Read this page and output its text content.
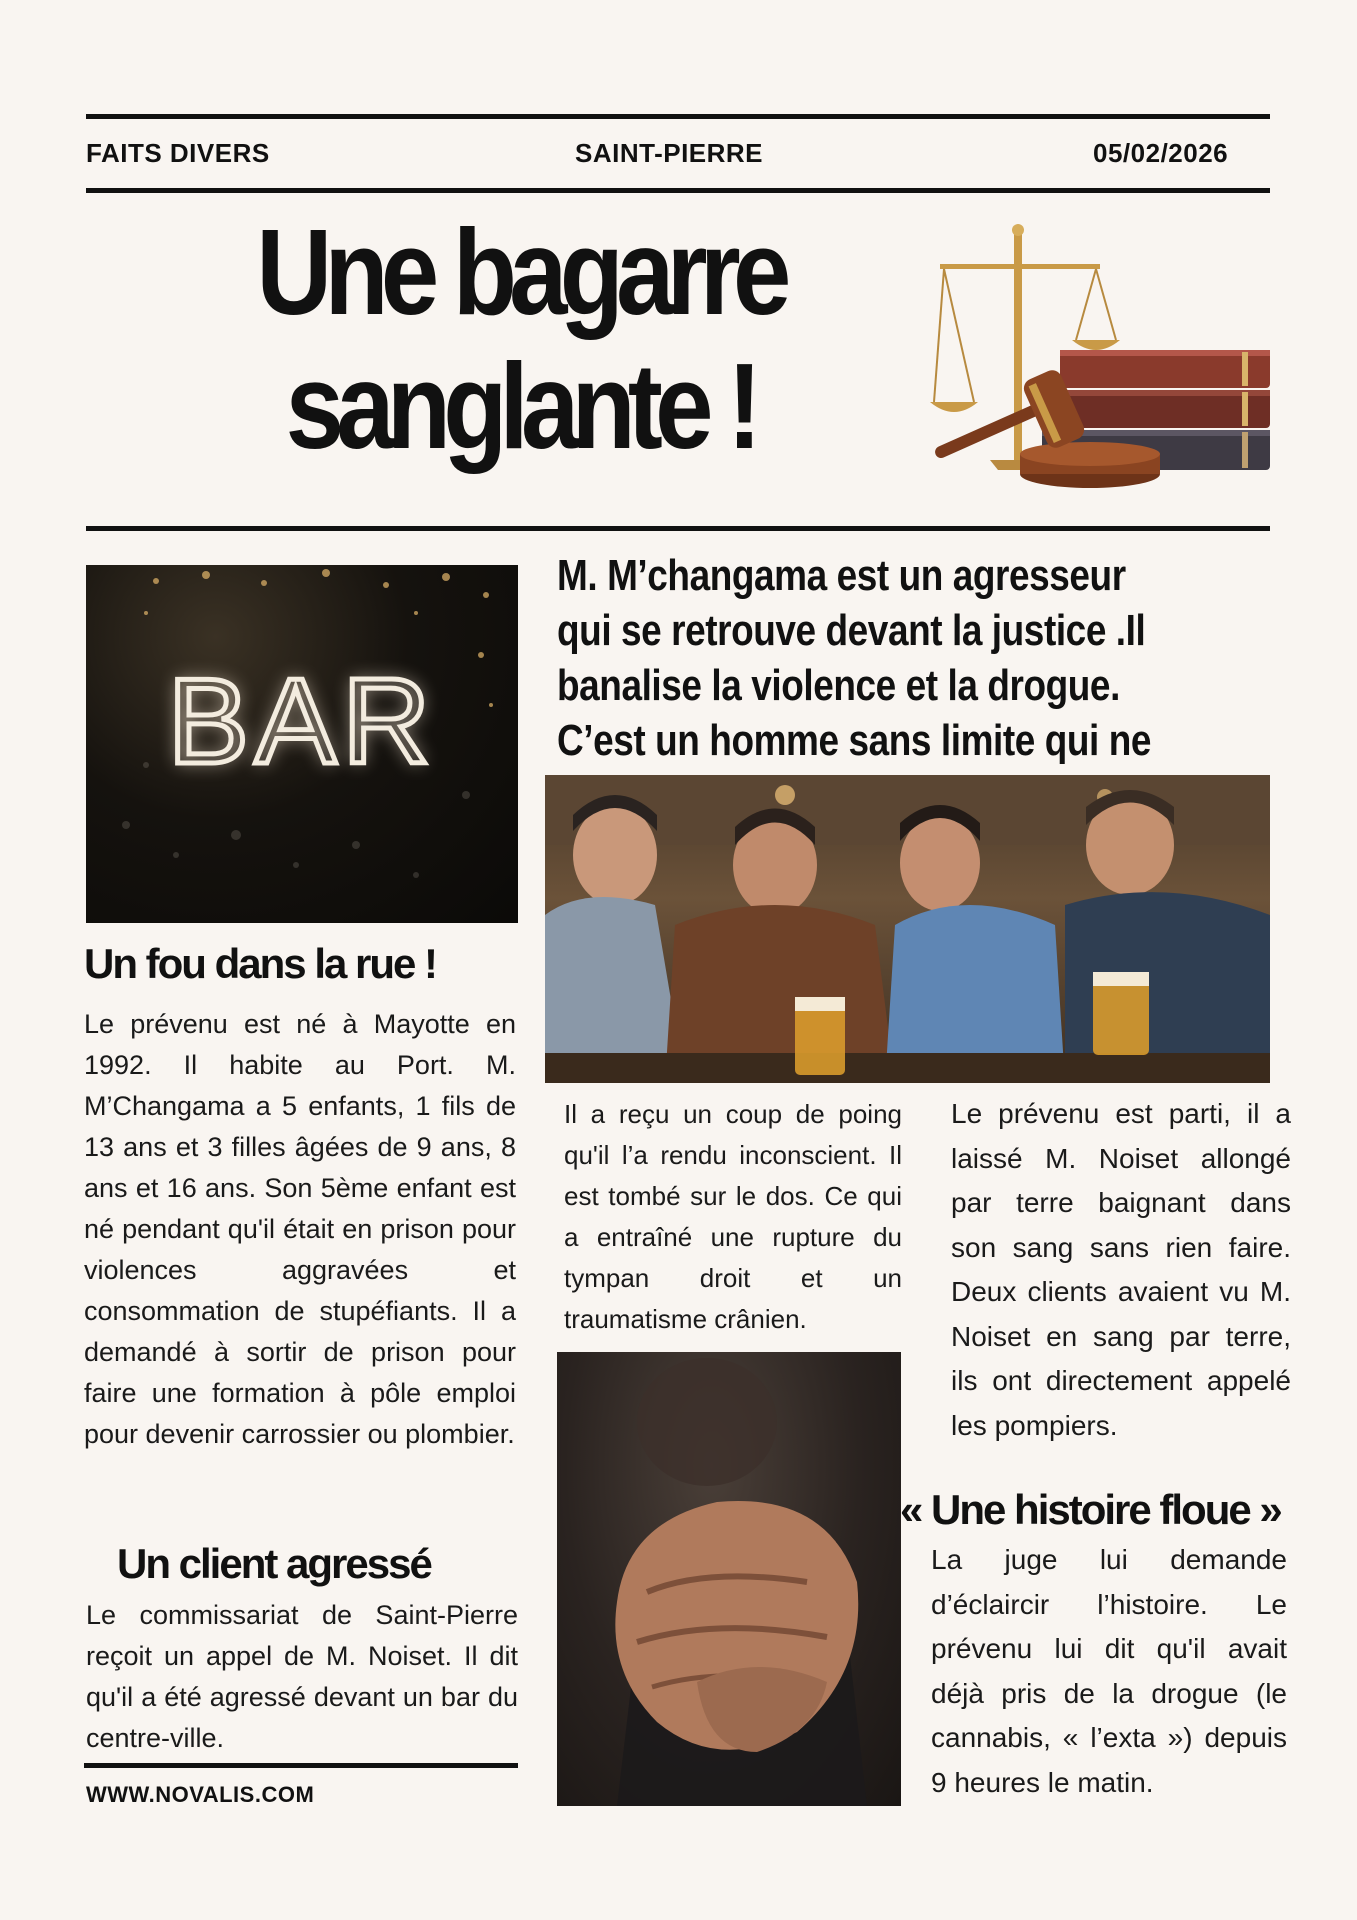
FAITS DIVERS	SAINT-PIERRE	05/02/2026
Une bagarre
sanglante !
BAR
Un fou dans la rue !
Le prévenu est né à Mayotte en 1992. Il habite au Port. M. M’Changama a 5 enfants, 1 fils de 13 ans et 3 filles âgées de 9 ans, 8 ans et 16 ans. Son 5ème enfant est né pendant qu'il était en prison pour violences aggravées et consommation de stupéfiants. Il a demandé à sortir de prison pour faire une formation à pôle emploi pour devenir carrossier ou plombier.
Un client agressé
Le commissariat de Saint-Pierre reçoit un appel de M. Noiset. Il dit qu'il a été agressé devant un bar du centre-ville.
WWW.NOVALIS.COM
M. M’changama est un agresseur qui se retrouve devant la justice .Il banalise la violence et la drogue. C’est un homme sans limite qui ne
Il a reçu un coup de poing qu'il l’a rendu inconscient. Il est tombé sur le dos. Ce qui a entraîné une rupture du tympan droit et un traumatisme crânien.
Le prévenu est parti, il a laissé M. Noiset allongé par terre baignant dans son sang sans rien faire. Deux clients avaient vu M. Noiset en sang par terre, ils ont directement appelé les pompiers.
« Une histoire floue »
La juge lui demande d’éclaircir l’histoire. Le prévenu lui dit qu'il avait déjà pris de la drogue (le cannabis, « l’exta ») depuis 9 heures le matin.
